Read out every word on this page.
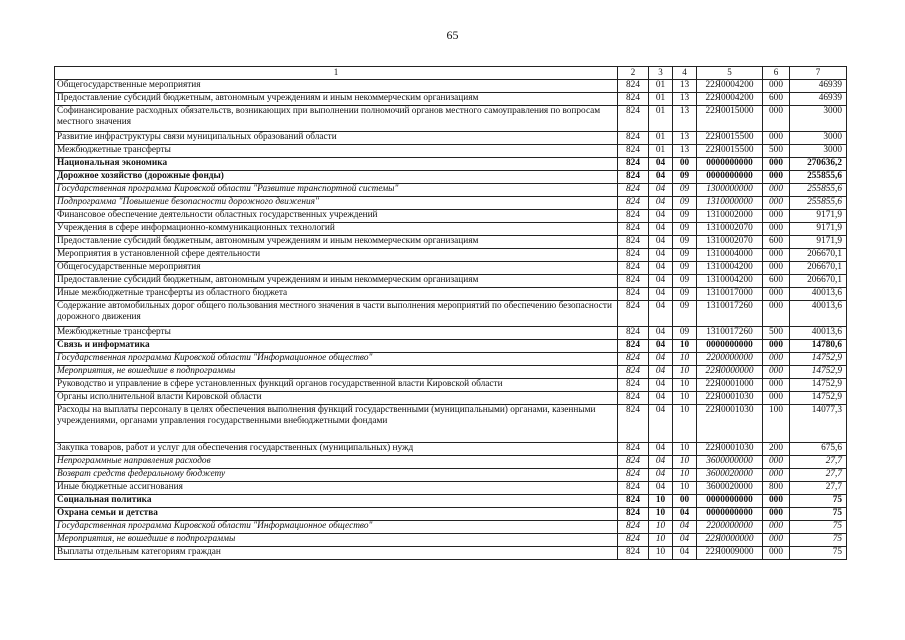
65
1	2	3	4	5	6	7
Общегосударственные мероприятия	824	01	13	22Я0004200	000	46939
Предоставление субсидий бюджетным, автономным учреждениям и иным некоммерческим организациям	824	01	13	22Я0004200	600	46939
Софинансирование расходных обязательств, возникающих при выполнении полномочий органов местного самоуправления по вопросам местного значения	824	01	13	22Я0015000	000	3000
Развитие инфраструктуры связи муниципальных образований области	824	01	13	22Я0015500	000	3000
Межбюджетные трансферты	824	01	13	22Я0015500	500	3000
Национальная экономика	824	04	00	0000000000	000	270636,2
Дорожное хозяйство (дорожные фонды)	824	04	09	0000000000	000	255855,6
Государственная программа Кировской области "Развитие транспортной системы"	824	04	09	1300000000	000	255855,6
Подпрограмма "Повышение безопасности дорожного движения"	824	04	09	1310000000	000	255855,6
Финансовое обеспечение деятельности областных государственных учреждений	824	04	09	1310002000	000	9171,9
Учреждения в сфере информационно-коммуникационных технологий	824	04	09	1310002070	000	9171,9
Предоставление субсидий бюджетным, автономным учреждениям и иным некоммерческим организациям	824	04	09	1310002070	600	9171,9
Мероприятия в установленной сфере деятельности	824	04	09	1310004000	000	206670,1
Общегосударственные мероприятия	824	04	09	1310004200	000	206670,1
Предоставление субсидий бюджетным, автономным учреждениям и иным некоммерческим организациям	824	04	09	1310004200	600	206670,1
Иные межбюджетные трансферты из областного бюджета	824	04	09	1310017000	000	40013,6
Содержание автомобильных дорог общего пользования местного значения в части выполнения мероприятий по обеспечению безопасности дорожного движения	824	04	09	1310017260	000	40013,6
Межбюджетные трансферты	824	04	09	1310017260	500	40013,6
Связь и информатика	824	04	10	0000000000	000	14780,6
Государственная программа Кировской области "Информационное общество"	824	04	10	2200000000	000	14752,9
Мероприятия, не вошедшие в подпрограммы	824	04	10	22Я0000000	000	14752,9
Руководство и управление в сфере установленных функций органов государственной власти Кировской области	824	04	10	22Я0001000	000	14752,9
Органы исполнительной власти Кировской области	824	04	10	22Я0001030	000	14752,9
Расходы на выплаты персоналу в целях обеспечения выполнения функций государственными (муниципальными) органами, казенными учреждениями, органами управления государственными внебюджетными фондами	824	04	10	22Я0001030	100	14077,3
Закупка товаров, работ и услуг для обеспечения государственных (муниципальных) нужд	824	04	10	22Я0001030	200	675,6
Непрограммные направления расходов	824	04	10	3600000000	000	27,7
Возврат средств федеральному бюджету	824	04	10	3600020000	000	27,7
Иные бюджетные ассигнования	824	04	10	3600020000	800	27,7
Социальная политика	824	10	00	0000000000	000	75
Охрана семьи и детства	824	10	04	0000000000	000	75
Государственная программа Кировской области "Информационное общество"	824	10	04	2200000000	000	75
Мероприятия, не вошедшие в подпрограммы	824	10	04	22Я0000000	000	75
Выплаты отдельным категориям граждан	824	10	04	22Я0009000	000	75
